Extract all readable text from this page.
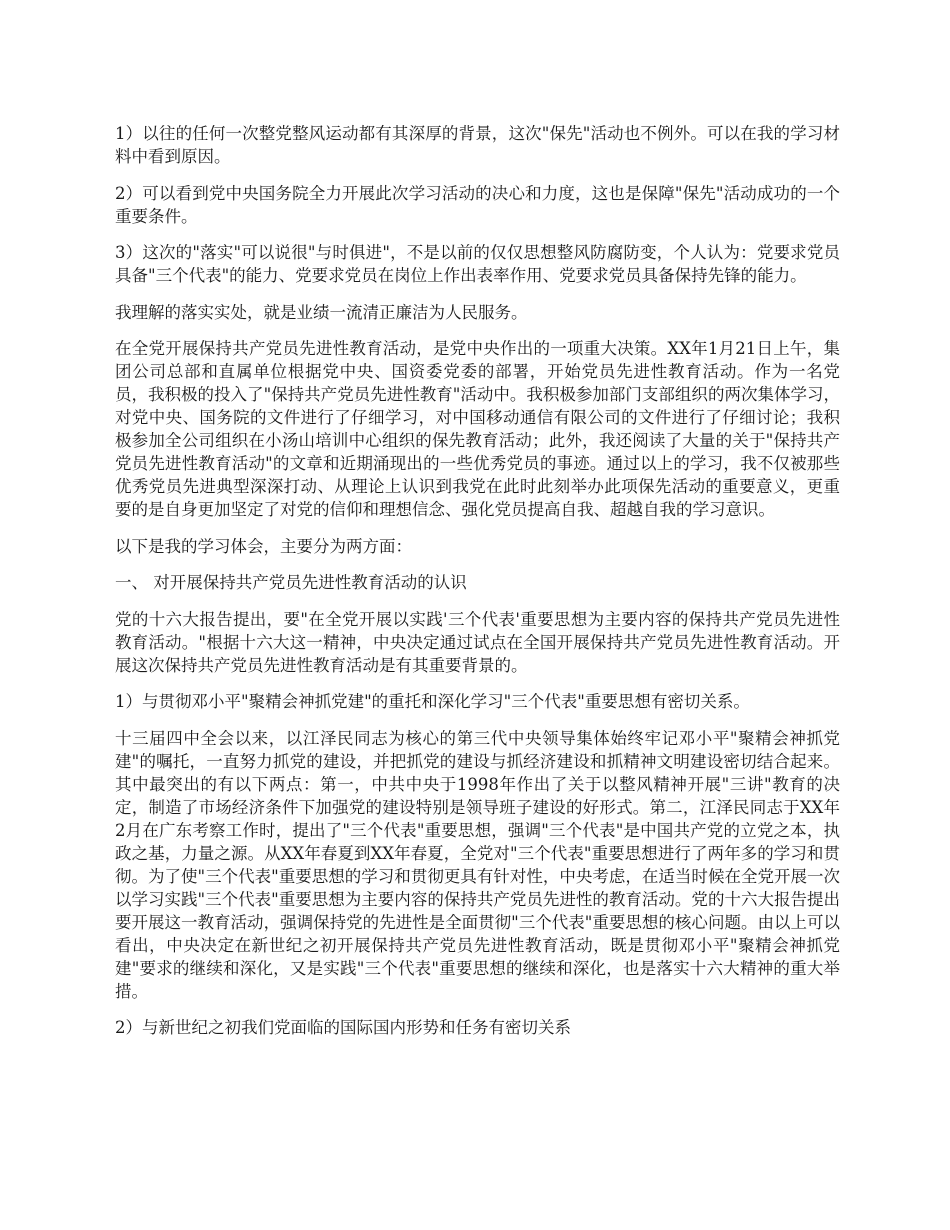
1）以往的任何一次整党整风运动都有其深厚的背景，这次"保先"活动也不例外。可以在我的学习材料中看到原因。

2）可以看到党中央国务院全力开展此次学习活动的决心和力度，这也是保障"保先"活动成功的一个重要条件。

3）这次的"落实"可以说很"与时俱进"，不是以前的仅仅思想整风防腐防变，个人认为：党要求党员具备"三个代表"的能力、党要求党员在岗位上作出表率作用、党要求党员具备保持先锋的能力。

我理解的落实实处，就是业绩一流清正廉洁为人民服务。

在全党开展保持共产党员先进性教育活动，是党中央作出的一项重大决策。XX年1月21日上午，集团公司总部和直属单位根据党中央、国资委党委的部署，开始党员先进性教育活动。作为一名党员，我积极的投入了"保持共产党员先进性教育"活动中。我积极参加部门支部组织的两次集体学习，对党中央、国务院的文件进行了仔细学习，对中国移动通信有限公司的文件进行了仔细讨论；我积极参加全公司组织在小汤山培训中心组织的保先教育活动；此外，我还阅读了大量的关于"保持共产党员先进性教育活动"的文章和近期涌现出的一些优秀党员的事迹。通过以上的学习，我不仅被那些优秀党员先进典型深深打动、从理论上认识到我党在此时此刻举办此项保先活动的重要意义，更重要的是自身更加坚定了对党的信仰和理想信念、强化党员提高自我、超越自我的学习意识。

以下是我的学习体会，主要分为两方面：

一、 对开展保持共产党员先进性教育活动的认识

党的十六大报告提出，要"在全党开展以实践'三个代表'重要思想为主要内容的保持共产党员先进性教育活动。"根据十六大这一精神，中央决定通过试点在全国开展保持共产党员先进性教育活动。开展这次保持共产党员先进性教育活动是有其重要背景的。

1）与贯彻邓小平"聚精会神抓党建"的重托和深化学习"三个代表"重要思想有密切关系。

十三届四中全会以来，以江泽民同志为核心的第三代中央领导集体始终牢记邓小平"聚精会神抓党建"的嘱托，一直努力抓党的建设，并把抓党的建设与抓经济建设和抓精神文明建设密切结合起来。其中最突出的有以下两点：第一，中共中央于1998年作出了关于以整风精神开展"三讲"教育的决定，制造了市场经济条件下加强党的建设特别是领导班子建设的好形式。第二，江泽民同志于XX年2月在广东考察工作时，提出了"三个代表"重要思想，强调"三个代表"是中国共产党的立党之本，执政之基，力量之源。从XX年春夏到XX年春夏，全党对"三个代表"重要思想进行了两年多的学习和贯彻。为了使"三个代表"重要思想的学习和贯彻更具有针对性，中央考虑，在适当时候在全党开展一次以学习实践"三个代表"重要思想为主要内容的保持共产党员先进性的教育活动。党的十六大报告提出要开展这一教育活动，强调保持党的先进性是全面贯彻"三个代表"重要思想的核心问题。由以上可以看出，中央决定在新世纪之初开展保持共产党员先进性教育活动，既是贯彻邓小平"聚精会神抓党建"要求的继续和深化，又是实践"三个代表"重要思想的继续和深化，也是落实十六大精神的重大举措。

2）与新世纪之初我们党面临的国际国内形势和任务有密切关系
